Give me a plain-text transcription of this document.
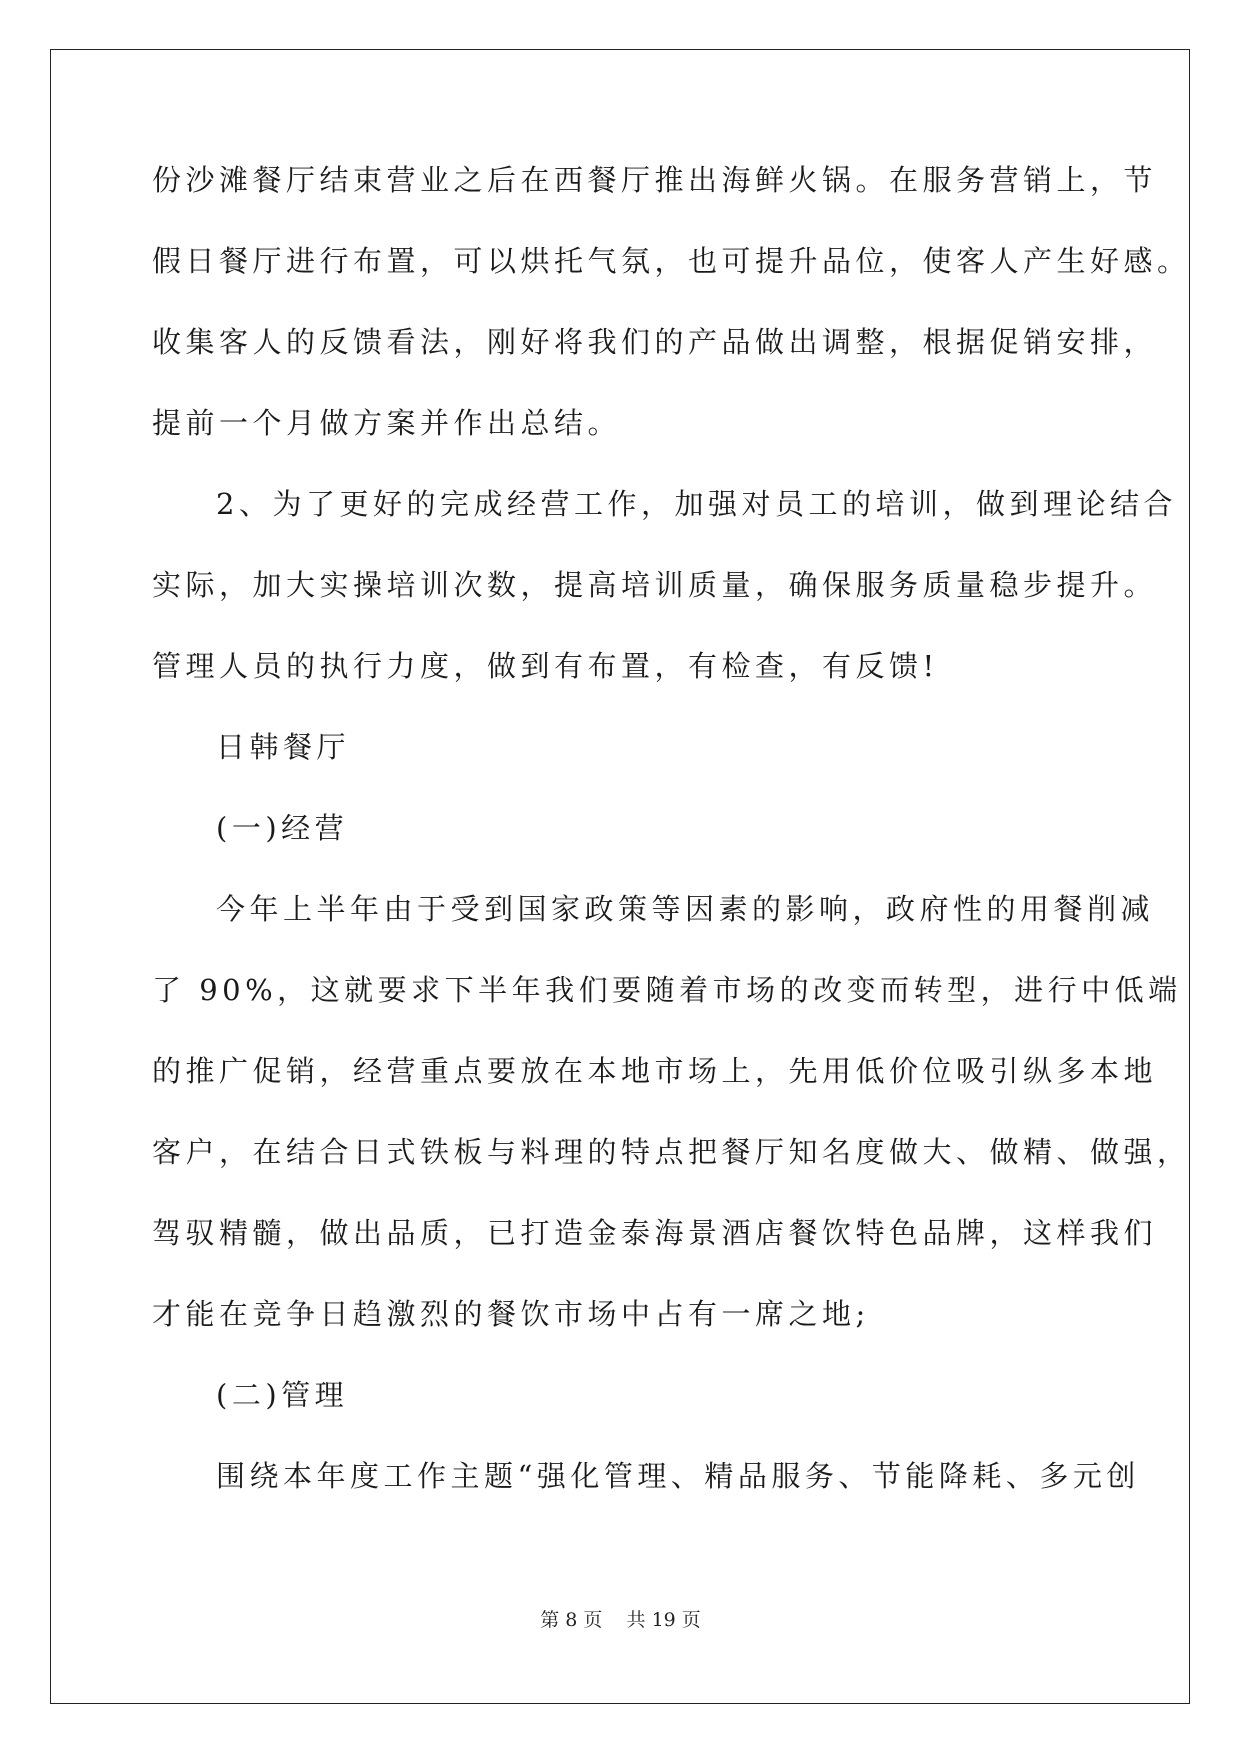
份沙滩餐厅结束营业之后在西餐厅推出海鲜火锅。在服务营销上，节
假日餐厅进行布置，可以烘托气氛，也可提升品位，使客人产生好感。
收集客人的反馈看法，刚好将我们的产品做出调整，根据促销安排，
提前一个月做方案并作出总结。
2、为了更好的完成经营工作，加强对员工的培训，做到理论结合
实际，加大实操培训次数，提高培训质量，确保服务质量稳步提升。
管理人员的执行力度，做到有布置，有检查，有反馈!
日韩餐厅
(一)经营
今年上半年由于受到国家政策等因素的影响，政府性的用餐削减
了 90%，这就要求下半年我们要随着市场的改变而转型，进行中低端
的推广促销，经营重点要放在本地市场上，先用低价位吸引纵多本地
客户，在结合日式铁板与料理的特点把餐厅知名度做大、做精、做强，
驾驭精髓，做出品质，已打造金泰海景酒店餐饮特色品牌，这样我们
才能在竞争日趋激烈的餐饮市场中占有一席之地;
(二)管理
围绕本年度工作主题“强化管理、精品服务、节能降耗、多元创
第 8 页 共 19 页
